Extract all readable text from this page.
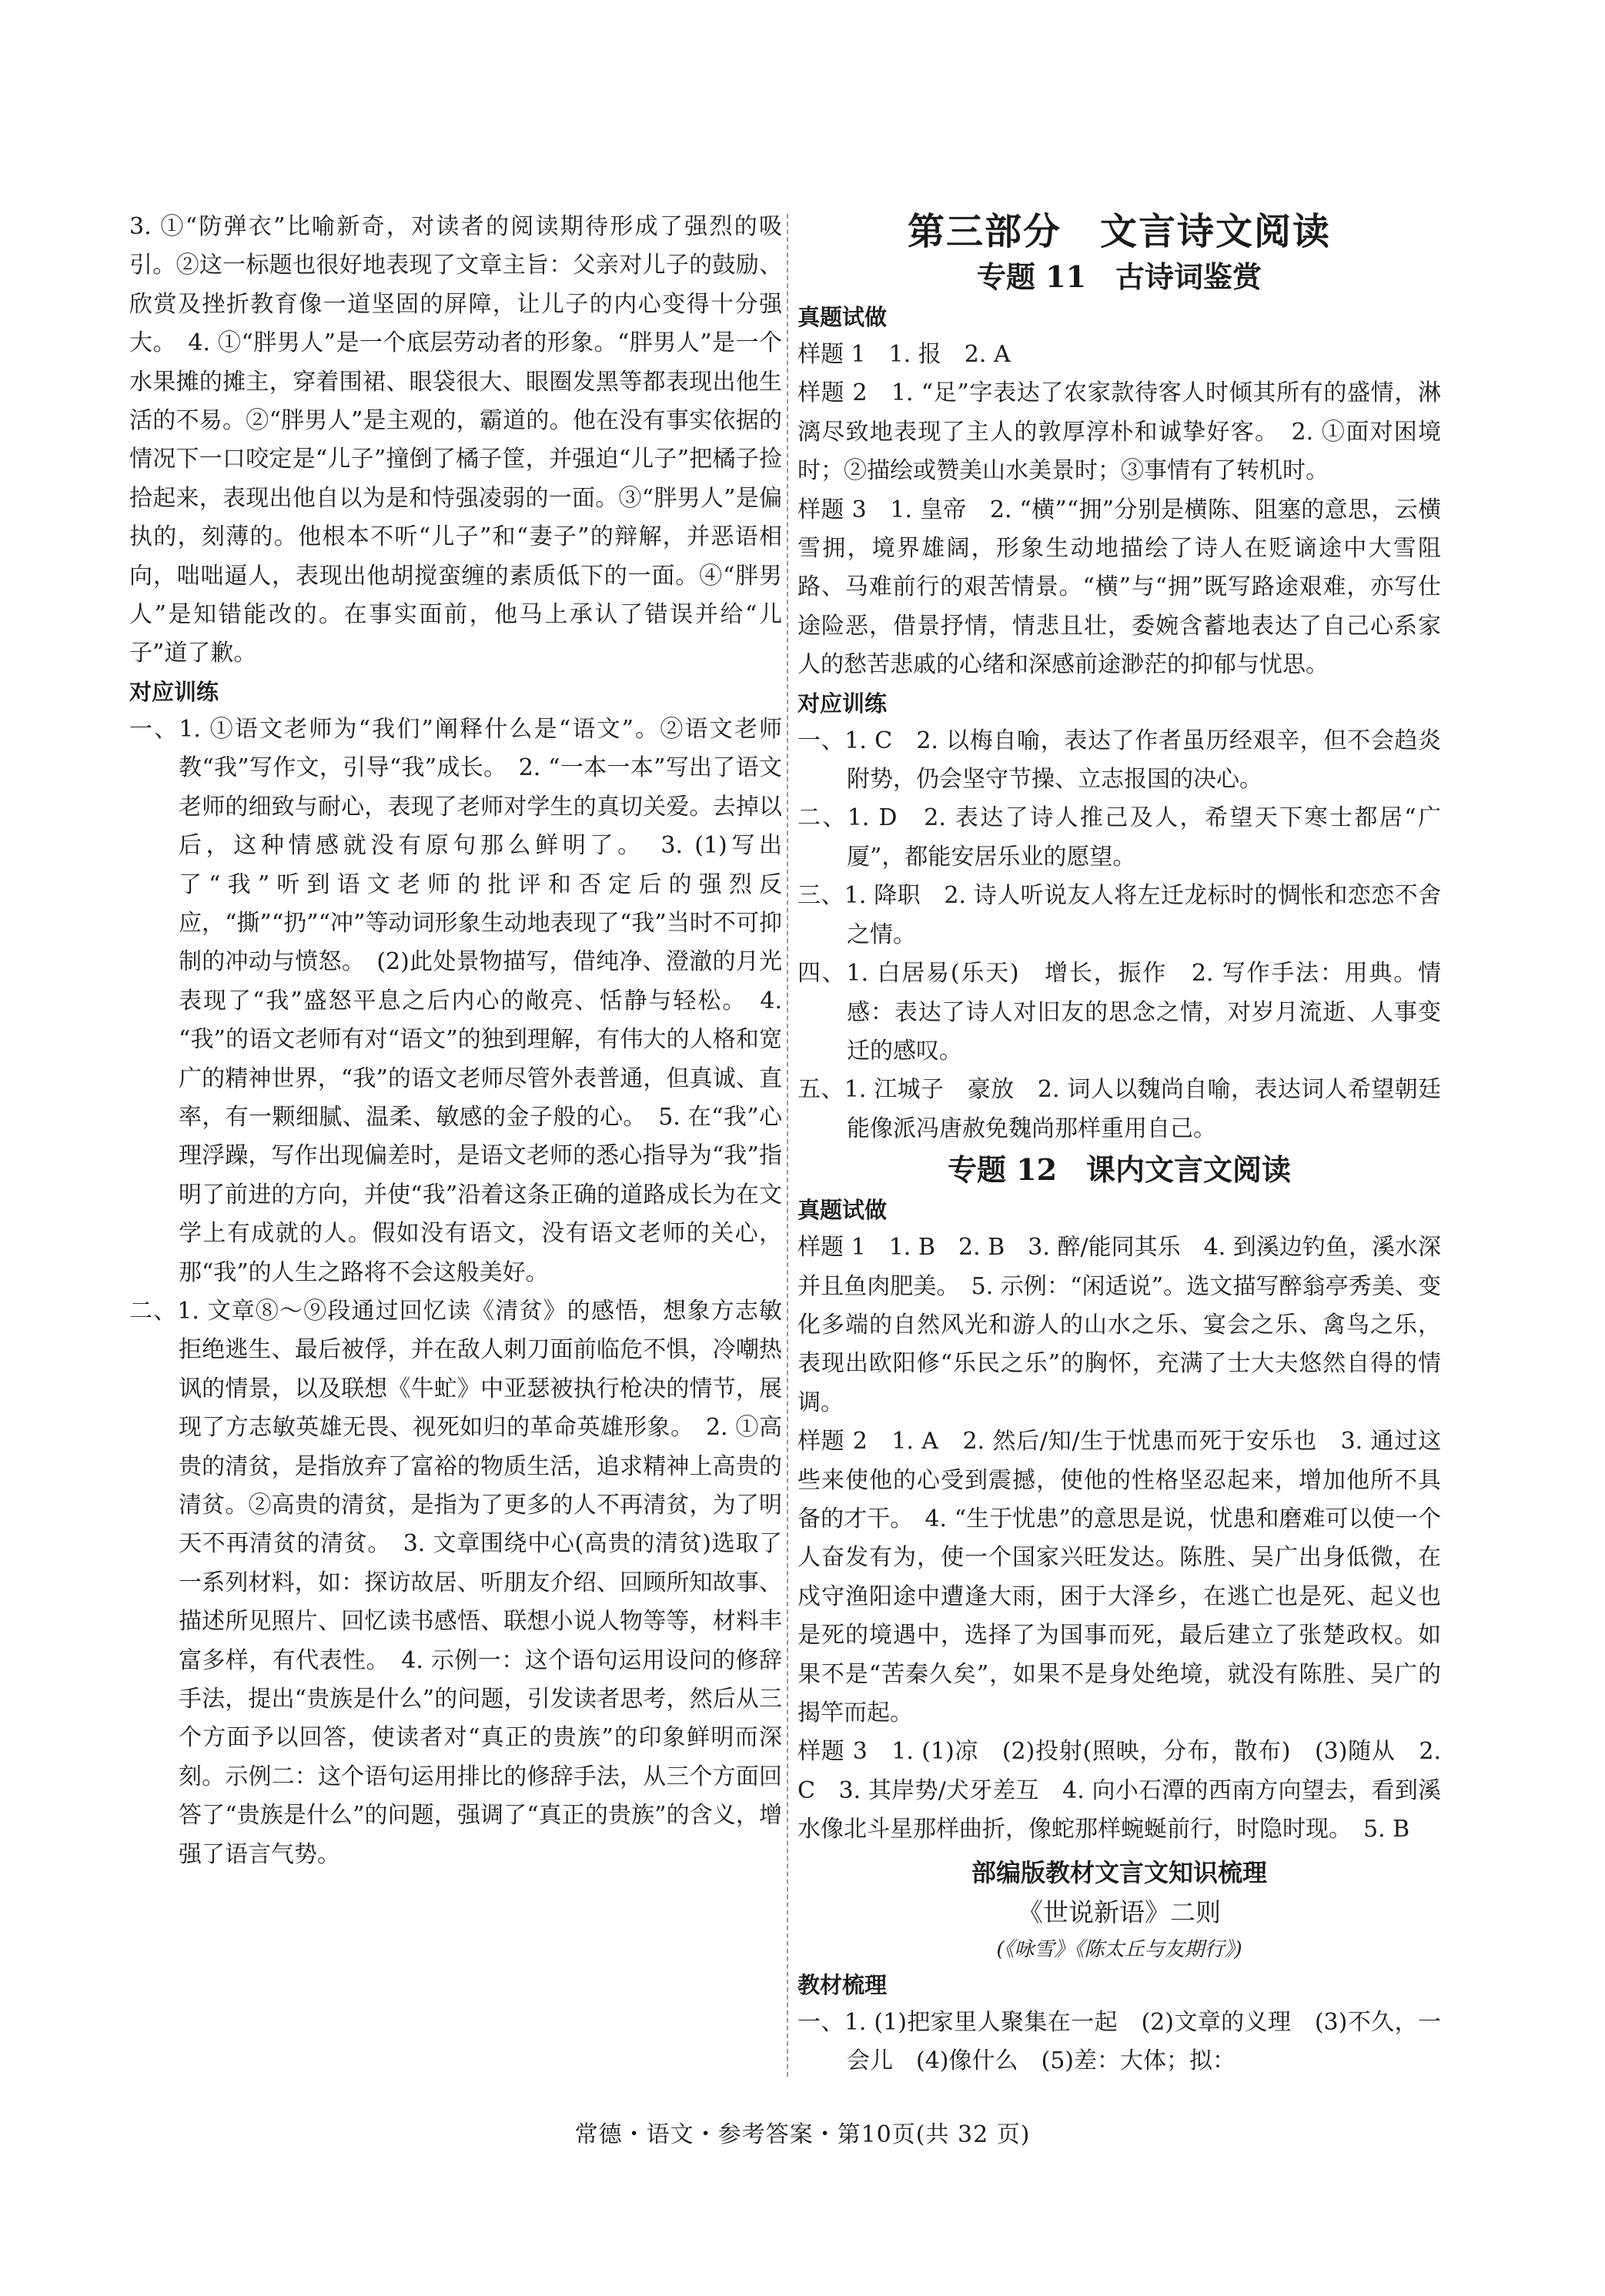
3. ①“防弹衣”比喻新奇，对读者的阅读期待形成了强烈的吸引。②这一标题也很好地表现了文章主旨：父亲对儿子的鼓励、欣赏及挫折教育像一道坚固的屏障，让儿子的内心变得十分强大。　4. ①“胖男人”是一个底层劳动者的形象。“胖男人”是一个水果摊的摊主，穿着围裙、眼袋很大、眼圈发黑等都表现出他生活的不易。②“胖男人”是主观的，霸道的。他在没有事实依据的情况下一口咬定是“儿子”撞倒了橘子筐，并强迫“儿子”把橘子捡拾起来，表现出他自以为是和恃强凌弱的一面。③“胖男人”是偏执的，刻薄的。他根本不听“儿子”和“妻子”的辩解，并恶语相向，咄咄逼人，表现出他胡搅蛮缠的素质低下的一面。④“胖男人”是知错能改的。在事实面前，他马上承认了错误并给“儿子”道了歉。

对应训练

一、1. ①语文老师为“我们”阐释什么是“语文”。②语文老师教“我”写作文，引导“我”成长。　2. “一本一本”写出了语文老师的细致与耐心，表现了老师对学生的真切关爱。去掉以后，这种情感就没有原句那么鲜明了。　3. (1)写出了“我”听到语文老师的批评和否定后的强烈反应，“撕”“扔”“冲”等动词形象生动地表现了“我”当时不可抑制的冲动与愤怒。　(2)此处景物描写，借纯净、澄澈的月光表现了“我”盛怒平息之后内心的敞亮、恬静与轻松。　4. “我”的语文老师有对“语文”的独到理解，有伟大的人格和宽广的精神世界，“我”的语文老师尽管外表普通，但真诚、直率，有一颗细腻、温柔、敏感的金子般的心。　5. 在“我”心理浮躁，写作出现偏差时，是语文老师的悉心指导为“我”指明了前进的方向，并使“我”沿着这条正确的道路成长为在文学上有成就的人。假如没有语文，没有语文老师的关心，那“我”的人生之路将不会这般美好。

二、1. 文章⑧～⑨段通过回忆读《清贫》的感悟，想象方志敏拒绝逃生、最后被俘，并在敌人刺刀面前临危不惧，冷嘲热讽的情景，以及联想《牛虻》中亚瑟被执行枪决的情节，展现了方志敏英雄无畏、视死如归的革命英雄形象。　2. ①高贵的清贫，是指放弃了富裕的物质生活，追求精神上高贵的清贫。②高贵的清贫，是指为了更多的人不再清贫，为了明天不再清贫的清贫。　3. 文章围绕中心(高贵的清贫)选取了一系列材料，如：探访故居、听朋友介绍、回顾所知故事、描述所见照片、回忆读书感悟、联想小说人物等等，材料丰富多样，有代表性。　4. 示例一：这个语句运用设问的修辞手法，提出“贵族是什么”的问题，引发读者思考，然后从三个方面予以回答，使读者对“真正的贵族”的印象鲜明而深刻。示例二：这个语句运用排比的修辞手法，从三个方面回答了“贵族是什么”的问题，强调了“真正的贵族”的含义，增强了语言气势。

第三部分　文言诗文阅读

专题 11　古诗词鉴赏

真题试做

样题 1　1. 报　2. A

样题 2　1. “足”字表达了农家款待客人时倾其所有的盛情，淋漓尽致地表现了主人的敦厚淳朴和诚挚好客。　2. ①面对困境时；②描绘或赞美山水美景时；③事情有了转机时。

样题 3　1. 皇帝　2. “横”“拥”分别是横陈、阻塞的意思，云横雪拥，境界雄阔，形象生动地描绘了诗人在贬谪途中大雪阻路、马难前行的艰苦情景。“横”与“拥”既写路途艰难，亦写仕途险恶，借景抒情，情悲且壮，委婉含蓄地表达了自己心系家人的愁苦悲戚的心绪和深感前途渺茫的抑郁与忧思。

对应训练

一、1. C　2. 以梅自喻，表达了作者虽历经艰辛，但不会趋炎附势，仍会坚守节操、立志报国的决心。

二、1. D　2. 表达了诗人推己及人，希望天下寒士都居“广厦”，都能安居乐业的愿望。

三、1. 降职　2. 诗人听说友人将左迁龙标时的惆怅和恋恋不舍之情。

四、1. 白居易(乐天)　增长，振作　2. 写作手法：用典。情感：表达了诗人对旧友的思念之情，对岁月流逝、人事变迁的感叹。

五、1. 江城子　豪放　2. 词人以魏尚自喻，表达词人希望朝廷能像派冯唐赦免魏尚那样重用自己。

专题 12　课内文言文阅读

真题试做

样题 1　1. B　2. B　3. 醉/能同其乐　4. 到溪边钓鱼，溪水深并且鱼肉肥美。　5. 示例：“闲适说”。选文描写醉翁亭秀美、变化多端的自然风光和游人的山水之乐、宴会之乐、禽鸟之乐，表现出欧阳修“乐民之乐”的胸怀，充满了士大夫悠然自得的情调。

样题 2　1. A　2. 然后/知/生于忧患而死于安乐也　3. 通过这些来使他的心受到震撼，使他的性格坚忍起来，增加他所不具备的才干。　4. “生于忧患”的意思是说，忧患和磨难可以使一个人奋发有为，使一个国家兴旺发达。陈胜、吴广出身低微，在戍守渔阳途中遭逢大雨，困于大泽乡，在逃亡也是死、起义也是死的境遇中，选择了为国事而死，最后建立了张楚政权。如果不是“苦秦久矣”，如果不是身处绝境，就没有陈胜、吴广的揭竿而起。

样题 3　1. (1)凉　(2)投射(照映，分布，散布)　(3)随从　2. C　3. 其岸势/犬牙差互　4. 向小石潭的西南方向望去，看到溪水像北斗星那样曲折，像蛇那样蜿蜒前行，时隐时现。　5. B

部编版教材文言文知识梳理

《世说新语》二则

(《咏雪》《陈太丘与友期行》)

教材梳理

一、1. (1)把家里人聚集在一起　(2)文章的义理　(3)不久，一会儿　(4)像什么　(5)差：大体；拟：

常德・语文・参考答案・第10页(共 32 页)
